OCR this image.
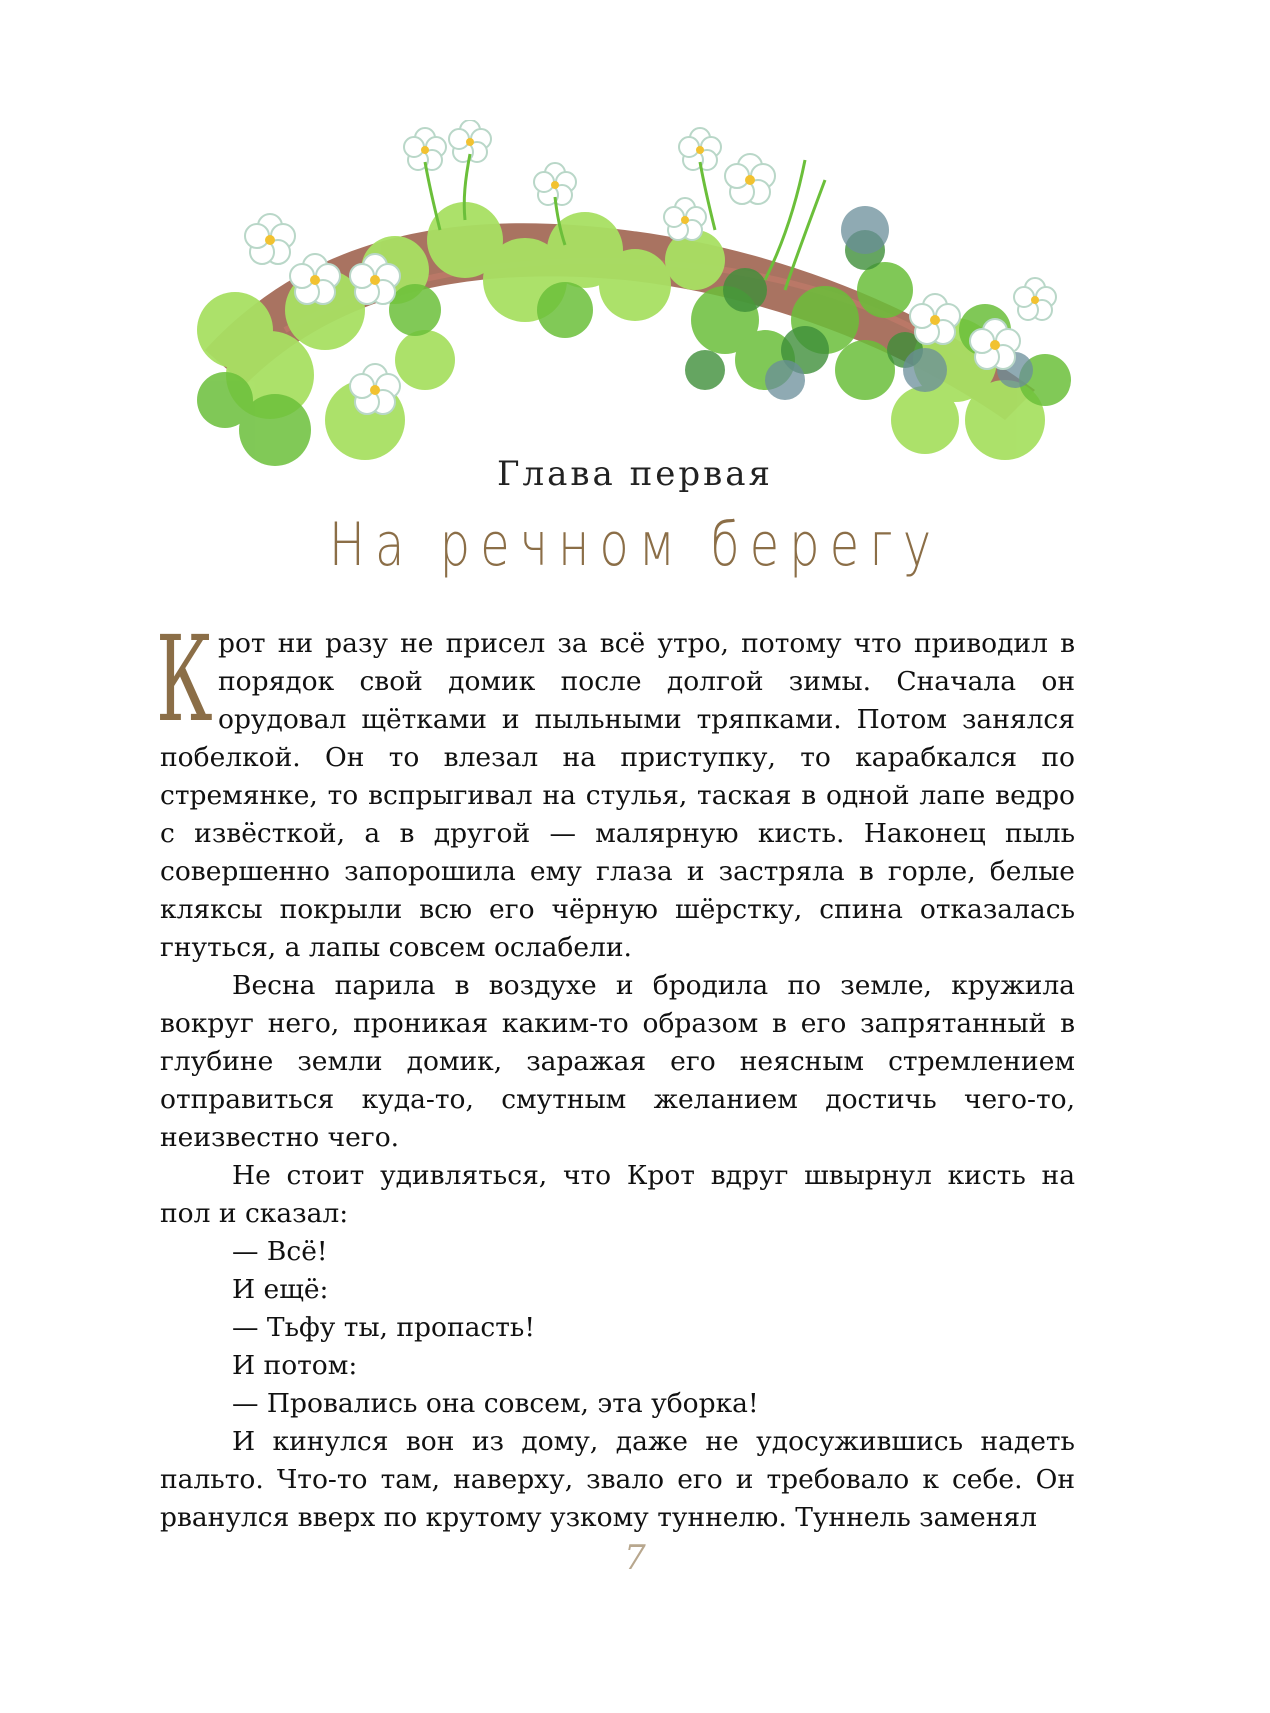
Глава первая
На речном берегу

Крот ни разу не присел за всё утро, потому что приводил в порядок свой домик после долгой зимы. Сначала он орудовал щётками и пыльными тряпками. Потом занялся побелкой. Он то влезал на приступку, то карабкался по стремянке, то вспрыгивал на стулья, таская в одной лапе ведро с извёсткой, а в другой — малярную кисть. Наконец пыль совершенно запорошила ему глаза и застряла в горле, белые кляксы покрыли всю его чёрную шёрстку, спина отказалась гнуться, а лапы совсем ослабели.

Весна парила в воздухе и бродила по земле, кружила вокруг него, проникая каким-то образом в его запрятанный в глубине земли домик, заражая его неясным стремлением отправиться куда-то, смутным желанием достичь чего-то, неизвестно чего.

Не стоит удивляться, что Крот вдруг швырнул кисть на пол и сказал:

— Всё!

И ещё:

— Тьфу ты, пропасть!

И потом:

— Провались она совсем, эта уборка!

И кинулся вон из дому, даже не удосужившись надеть пальто. Что-то там, наверху, звало его и требовало к себе. Он рванулся вверх по крутому узкому туннелю. Туннель заменял

7
